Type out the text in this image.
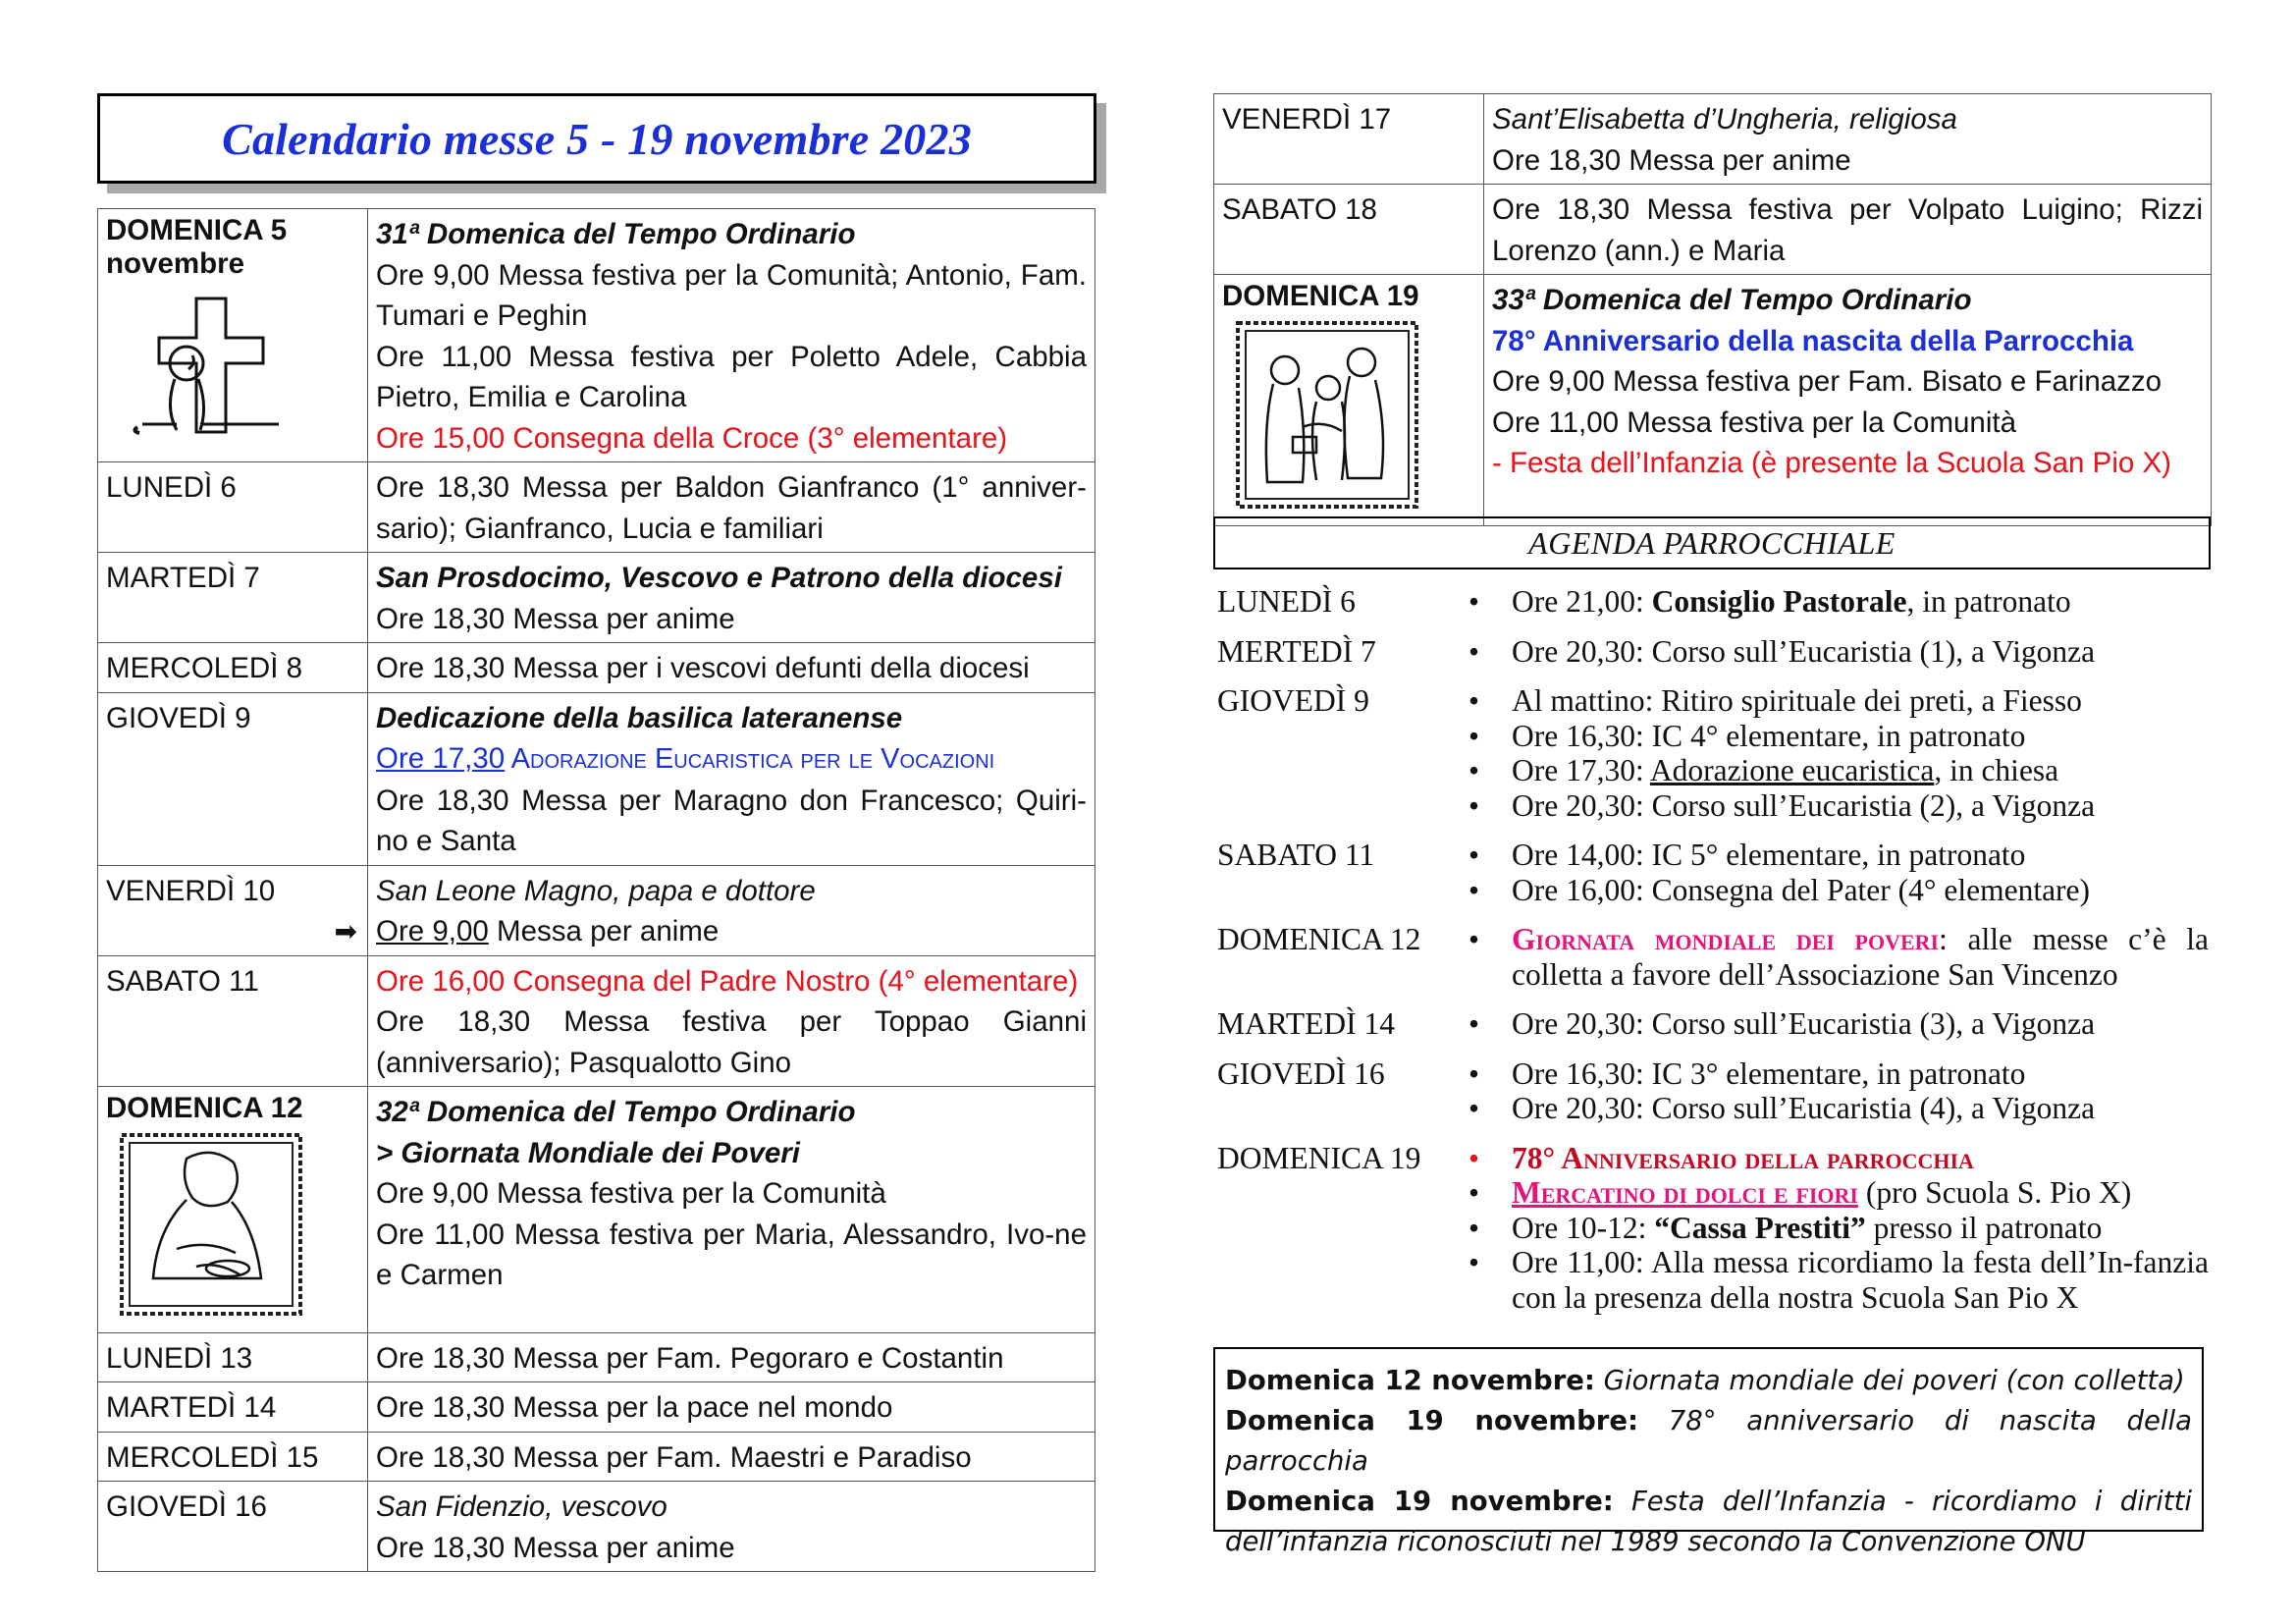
Calendario messe 5 - 19 novembre 2023
DOMENICA 5
novembre	31ª Domenica del Tempo Ordinario
Ore 9,00 Messa festiva per la Comunità; Antonio, Fam. Tumari e Peghin
Ore 11,00 Messa festiva per Poletto Adele, Cabbia Pietro, Emilia e Carolina
Ore 15,00 Consegna della Croce (3° elementare)

LUNEDÌ 6	Ore 18,30 Messa per Baldon Gianfranco (1° anniver-sario); Gianfranco, Lucia e familiari

MARTEDÌ 7	San Prosdocimo, Vescovo e Patrono della diocesi
Ore 18,30 Messa per anime

MERCOLEDÌ 8	Ore 18,30 Messa per i vescovi defunti della diocesi

GIOVEDÌ 9	Dedicazione della basilica lateranense
Ore 17,30 Adorazione Eucaristica per le Vocazioni
Ore 18,30 Messa per Maragno don Francesco; Quiri-no e Santa

VENERDÌ 10
➡	San Leone Magno, papa e dottore
Ore 9,00 Messa per anime

SABATO 11	Ore 16,00 Consegna del Padre Nostro (4° elementare)
Ore 18,30 Messa festiva per Toppao Gianni (anniversario); Pasqualotto Gino

DOMENICA 12	32ª Domenica del Tempo Ordinario
> Giornata Mondiale dei Poveri
Ore 9,00 Messa festiva per la Comunità
Ore 11,00 Messa festiva per Maria, Alessandro, Ivo-ne e Carmen

LUNEDÌ 13	Ore 18,30 Messa per Fam. Pegoraro e Costantin

MARTEDÌ 14	Ore 18,30 Messa per la pace nel mondo

MERCOLEDÌ 15	Ore 18,30 Messa per Fam. Maestri e Paradiso

GIOVEDÌ 16	San Fidenzio, vescovo
Ore 18,30 Messa per anime
VENERDÌ 17	Sant’Elisabetta d’Ungheria, religiosa
Ore 18,30 Messa per anime

SABATO 18	Ore 18,30 Messa festiva per Volpato Luigino; Rizzi Lorenzo (ann.) e Maria

DOMENICA 19	33ª Domenica del Tempo Ordinario
78° Anniversario della nascita della Parrocchia
Ore 9,00 Messa festiva per Fam. Bisato e Farinazzo
Ore 11,00 Messa festiva per la Comunità
- Festa dell’Infanzia (è presente la Scuola San Pio X)
AGENDA PARROCCHIALE
LUNEDÌ 6	• Ore 21,00: Consiglio Pastorale, in patronato
MERTEDÌ 7	• Ore 20,30: Corso sull’Eucaristia (1), a Vigonza
GIOVEDÌ 9	• Al mattino: Ritiro spirituale dei preti, a Fiesso
• Ore 16,30: IC 4° elementare, in patronato
• Ore 17,30: Adorazione eucaristica, in chiesa
• Ore 20,30: Corso sull’Eucaristia (2), a Vigonza
SABATO 11	• Ore 14,00: IC 5° elementare, in patronato
• Ore 16,00: Consegna del Pater (4° elementare)
DOMENICA 12	• Giornata mondiale dei poveri: alle messe c’è la colletta a favore dell’Associazione San Vincenzo
MARTEDÌ 14	• Ore 20,30: Corso sull’Eucaristia (3), a Vigonza
GIOVEDÌ 16	• Ore 16,30: IC 3° elementare, in patronato
• Ore 20,30: Corso sull’Eucaristia (4), a Vigonza
DOMENICA 19	• 78° Anniversario della parrocchia
• Mercatino di dolci e fiori (pro Scuola S. Pio X)
• Ore 10-12: “Cassa Prestiti” presso il patronato
• Ore 11,00: Alla messa ricordiamo la festa dell’In-fanzia con la presenza della nostra Scuola San Pio X
Domenica 12 novembre: Giornata mondiale dei poveri (con colletta)
Domenica 19 novembre: 78° anniversario di nascita della parrocchia
Domenica 19 novembre: Festa dell’Infanzia - ricordiamo i diritti dell’infanzia riconosciuti nel 1989 secondo la Convenzione ONU
